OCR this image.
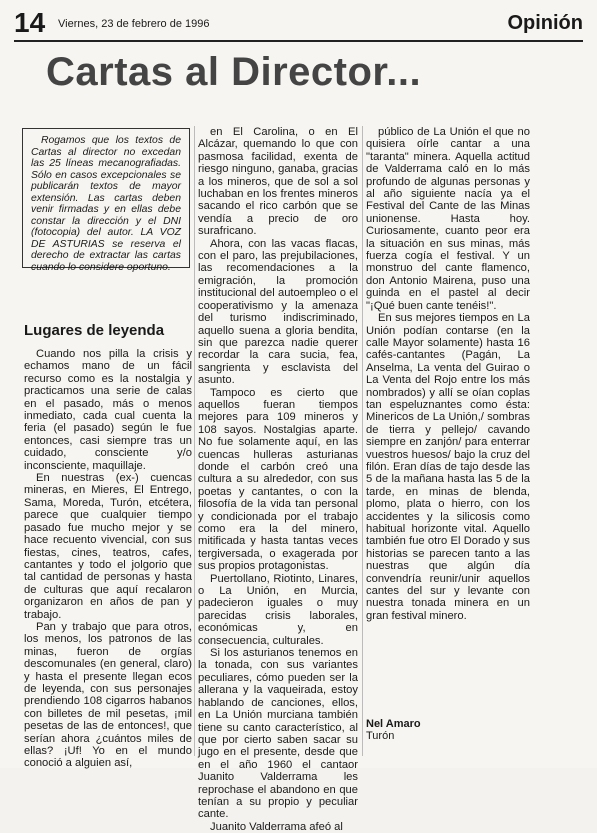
14 Viernes, 23 de febrero de 1996	Opinión
Cartas al Director...

Rogamos que los textos de Cartas al director no excedan las 25 líneas mecanografiadas. Sólo en casos excepcionales se publicarán textos de mayor extensión. Las cartas deben venir firmadas y en ellas debe constar la dirección y el DNI (fotocopia) del autor. LA VOZ DE ASTURIAS se reserva el derecho de extractar las cartas cuando lo considere oportuno.

Lugares de leyenda

Cuando nos pilla la crisis y echamos mano de un fácil recurso como es la nostalgia y practicamos una serie de calas en el pasado, más o menos inmediato, cada cual cuenta la feria (el pasado) según le fue entonces, casi siempre tras un cuidado, consciente y/o inconsciente, maquillaje.

En nuestras (ex-) cuencas mineras, en Mieres, El Entrego, Sama, Moreda, Turón, etcétera, parece que cualquier tiempo pasado fue mucho mejor y se hace recuento vivencial, con sus fiestas, cines, teatros, cafes, cantantes y todo el jolgorio que tal cantidad de personas y hasta de culturas que aquí recalaron organizaron en años de pan y trabajo.

Pan y trabajo que para otros, los menos, los patronos de las minas, fueron de orgías descomunales (en general, claro) y hasta el presente llegan ecos de leyenda, con sus personajes prendiendo 108 cigarros habanos con billetes de mil pesetas, ¡mil pesetas de las de entonces!, que serían ahora ¿cuántos miles de ellas? ¡Uf! Yo en el mundo conoció a alguien así,

en El Carolina, o en El Alcázar, quemando lo que con pasmosa facilidad, exenta de riesgo ninguno, ganaba, gracias a los mineros, que de sol a sol luchaban en los frentes mineros sacando el rico carbón que se vendía a precio de oro surafricano.

Ahora, con las vacas flacas, con el paro, las prejubilaciones, las recomendaciones a la emigración, la promoción institucional del autoempleo o el cooperativismo y la amenaza del turismo indiscriminado, aquello suena a gloria bendita, sin que parezca nadie querer recordar la cara sucia, fea, sangrienta y esclavista del asunto.

Tampoco es cierto que aquellos fueran tiempos mejores para 109 mineros y 108 sayos. Nostalgias aparte. No fue solamente aquí, en las cuencas hulleras asturianas donde el carbón creó una cultura a su alrededor, con sus poetas y cantantes, o con la filosofía de la vida tan personal y condicionada por el trabajo como era la del minero, mitificada y hasta tantas veces tergiversada, o exagerada por sus propios protagonistas.

Puertollano, Riotinto, Linares, o La Unión, en Murcia, padecieron iguales o muy parecidas crisis laborales, económicas y, en consecuencia, culturales.

Si los asturianos tenemos en la tonada, con sus variantes peculiares, cómo pueden ser la allerana y la vaqueirada, estoy hablando de canciones, ellos, en La Unión murciana también tiene su canto característico, al que por cierto saben sacar su jugo en el presente, desde que en el año 1960 el cantaor Juanito Valderrama les reprochase el abandono en que tenían a su propio y peculiar cante.

Juanito Valderrama afeó al

público de La Unión el que no quisiera oírle cantar a una "taranta" minera. Aquella actitud de Valderrama caló en lo más profundo de algunas personas y al año siguiente nacía ya el Festival del Cante de las Minas unionense. Hasta hoy. Curiosamente, cuanto peor era la situación en sus minas, más fuerza cogía el festival. Y un monstruo del cante flamenco, don Antonio Mairena, puso una guinda en el pastel al decir "¡Qué buen cante tenéis!".

En sus mejores tiempos en La Unión podían contarse (en la calle Mayor solamente) hasta 16 cafés-cantantes (Pagán, La Anselma, La venta del Guirao o La Venta del Rojo entre los más nombrados) y allí se oían coplas tan espeluznantes como ésta: Minericos de La Unión,/ sombras de tierra y pellejo/ cavando siempre en zanjón/ para enterrar vuestros huesos/ bajo la cruz del filón. Eran días de tajo desde las 5 de la mañana hasta las 5 de la tarde, en minas de blenda, plomo, plata o hierro, con los accidentes y la silicosis como habitual horizonte vital. Aquello también fue otro El Dorado y sus historias se parecen tanto a las nuestras que algún día convendría reunir/unir aquellos cantes del sur y levante con nuestra tonada minera en un gran festival minero.

Nel Amaro
Turón
